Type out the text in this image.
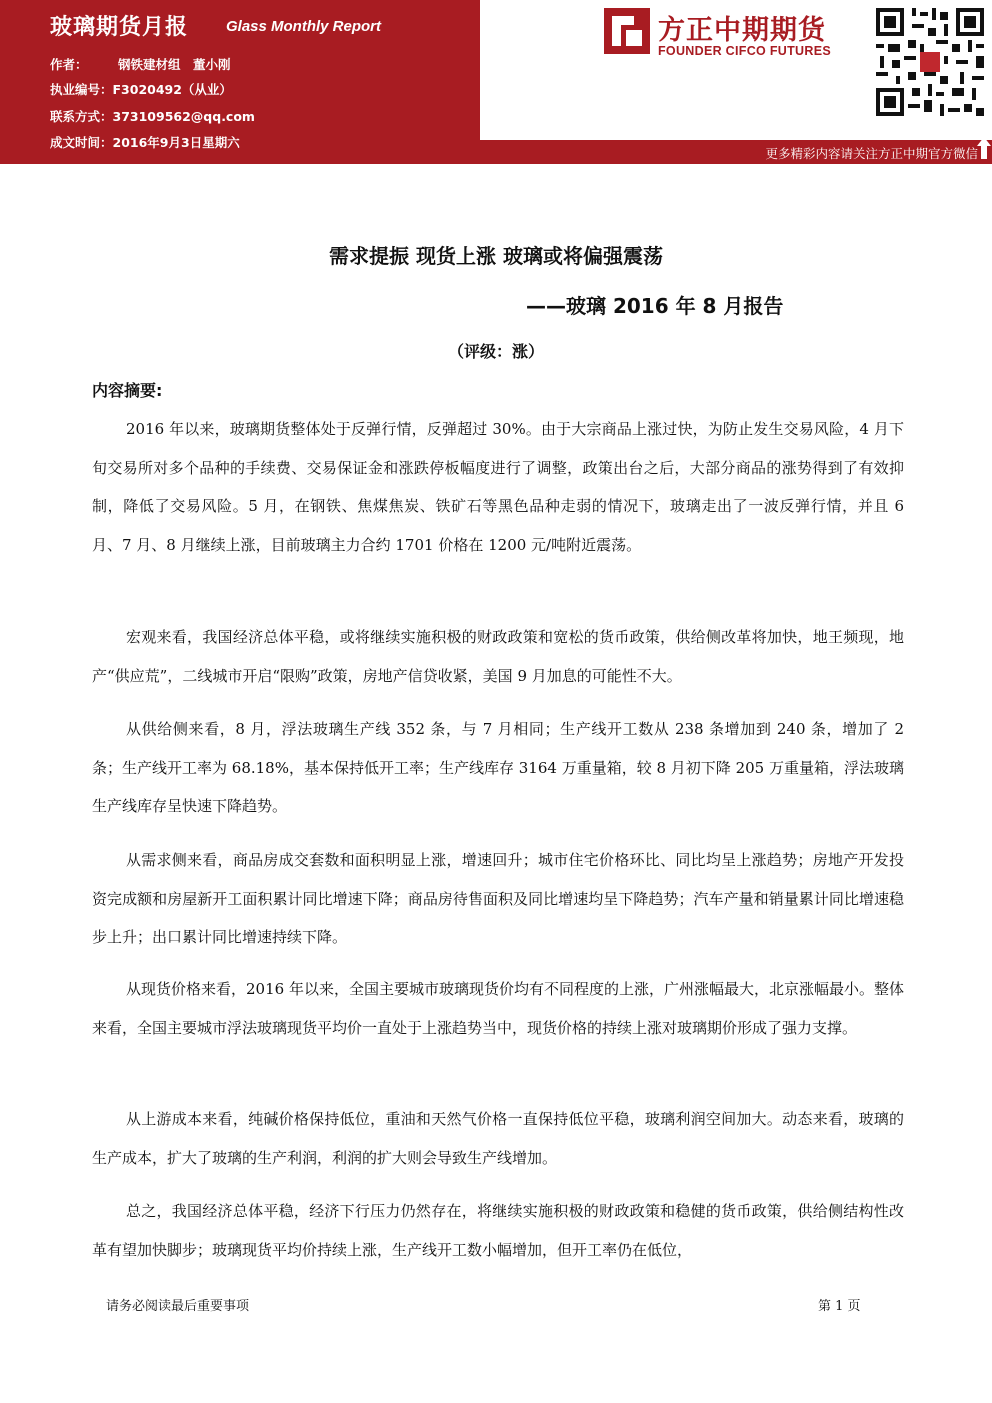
玻璃期货月报	Glass Monthly Report
作者： 钢铁建材组　董小刚
执业编号：F3020492（从业）
联系方式：373109562@qq.com
成文时间：2016年9月3日星期六
方正中期期货
FOUNDER CIFCO FUTURES
更多精彩内容请关注方正中期官方微信
需求提振 现货上涨 玻璃或将偏强震荡
——玻璃 2016 年 8 月报告
（评级：涨）
内容摘要:

2016 年以来，玻璃期货整体处于反弹行情，反弹超过 30%。由于大宗商品上涨过快，为防止发生交易风险，4 月下旬交易所对多个品种的手续费、交易保证金和涨跌停板幅度进行了调整，政策出台之后，大部分商品的涨势得到了有效抑制，降低了交易风险。5 月，在钢铁、焦煤焦炭、铁矿石等黑色品种走弱的情况下，玻璃走出了一波反弹行情，并且 6 月、7 月、8 月继续上涨，目前玻璃主力合约 1701 价格在 1200 元/吨附近震荡。

宏观来看，我国经济总体平稳，或将继续实施积极的财政政策和宽松的货币政策，供给侧改革将加快，地王频现，地产“供应荒”，二线城市开启“限购”政策，房地产信贷收紧，美国 9 月加息的可能性不大。

从供给侧来看，8 月，浮法玻璃生产线 352 条，与 7 月相同；生产线开工数从 238 条增加到 240 条，增加了 2 条；生产线开工率为 68.18%，基本保持低开工率；生产线库存 3164 万重量箱，较 8 月初下降 205 万重量箱，浮法玻璃生产线库存呈快速下降趋势。

从需求侧来看，商品房成交套数和面积明显上涨，增速回升；城市住宅价格环比、同比均呈上涨趋势；房地产开发投资完成额和房屋新开工面积累计同比增速下降；商品房待售面积及同比增速均呈下降趋势；汽车产量和销量累计同比增速稳步上升；出口累计同比增速持续下降。

从现货价格来看，2016 年以来，全国主要城市玻璃现货价均有不同程度的上涨，广州涨幅最大，北京涨幅最小。整体来看，全国主要城市浮法玻璃现货平均价一直处于上涨趋势当中，现货价格的持续上涨对玻璃期价形成了强力支撑。

从上游成本来看，纯碱价格保持低位，重油和天然气价格一直保持低位平稳，玻璃利润空间加大。动态来看，玻璃的生产成本，扩大了玻璃的生产利润，利润的扩大则会导致生产线增加。

总之，我国经济总体平稳，经济下行压力仍然存在，将继续实施积极的财政政策和稳健的货币政策，供给侧结构性改革有望加快脚步；玻璃现货平均价持续上涨，生产线开工数小幅增加，但开工率仍在低位，

请务必阅读最后重要事项	第 1 页
